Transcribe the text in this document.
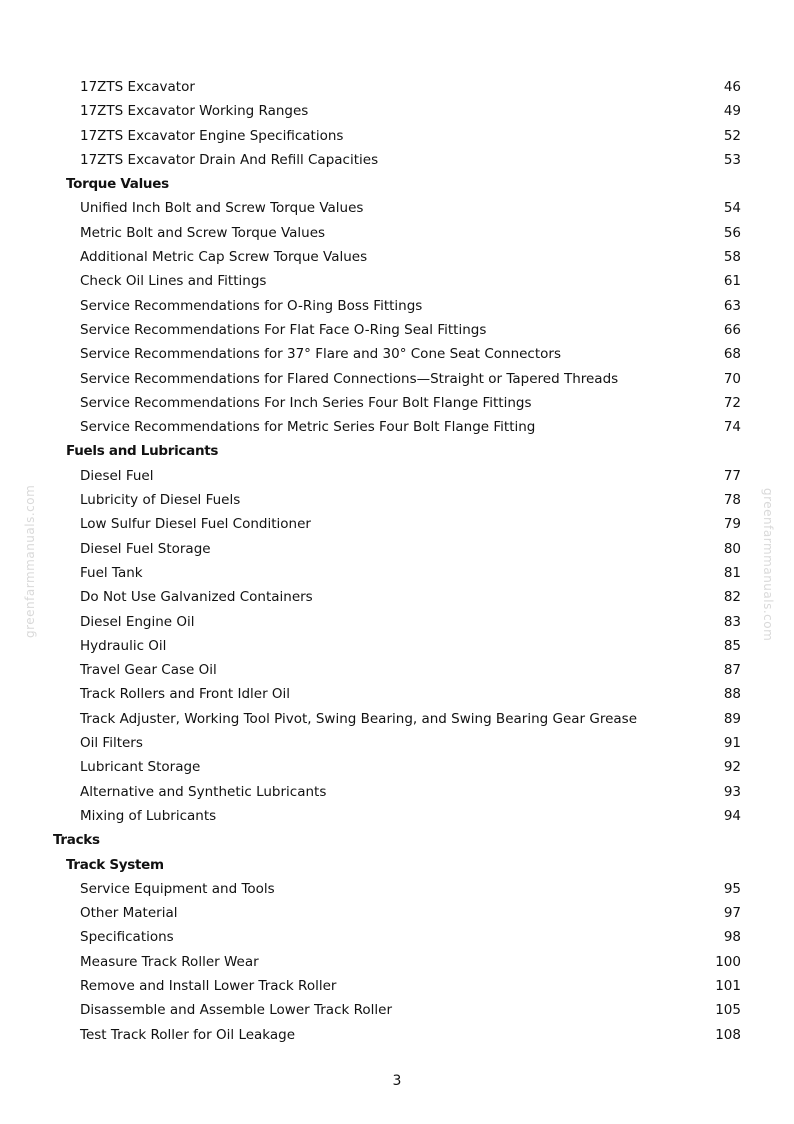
greenfarmmanuals.com	greenfarmmanuals.com
17ZTS Excavator	46
17ZTS Excavator Working Ranges	49
17ZTS Excavator Engine Specifications	52
17ZTS Excavator Drain And Refill Capacities	53
Torque Values
Unified Inch Bolt and Screw Torque Values	54
Metric Bolt and Screw Torque Values	56
Additional Metric Cap Screw Torque Values	58
Check Oil Lines and Fittings	61
Service Recommendations for O-Ring Boss Fittings	63
Service Recommendations For Flat Face O-Ring Seal Fittings	66
Service Recommendations for 37° Flare and 30° Cone Seat Connectors	68
Service Recommendations for Flared Connections—Straight or Tapered Threads	70
Service Recommendations For Inch Series Four Bolt Flange Fittings	72
Service Recommendations for Metric Series Four Bolt Flange Fitting	74
Fuels and Lubricants
Diesel Fuel	77
Lubricity of Diesel Fuels	78
Low Sulfur Diesel Fuel Conditioner	79
Diesel Fuel Storage	80
Fuel Tank	81
Do Not Use Galvanized Containers	82
Diesel Engine Oil	83
Hydraulic Oil	85
Travel Gear Case Oil	87
Track Rollers and Front Idler Oil	88
Track Adjuster, Working Tool Pivot, Swing Bearing, and Swing Bearing Gear Grease	89
Oil Filters	91
Lubricant Storage	92
Alternative and Synthetic Lubricants	93
Mixing of Lubricants	94
Tracks
Track System
Service Equipment and Tools	95
Other Material	97
Specifications	98
Measure Track Roller Wear	100
Remove and Install Lower Track Roller	101
Disassemble and Assemble Lower Track Roller	105
Test Track Roller for Oil Leakage	108
3
